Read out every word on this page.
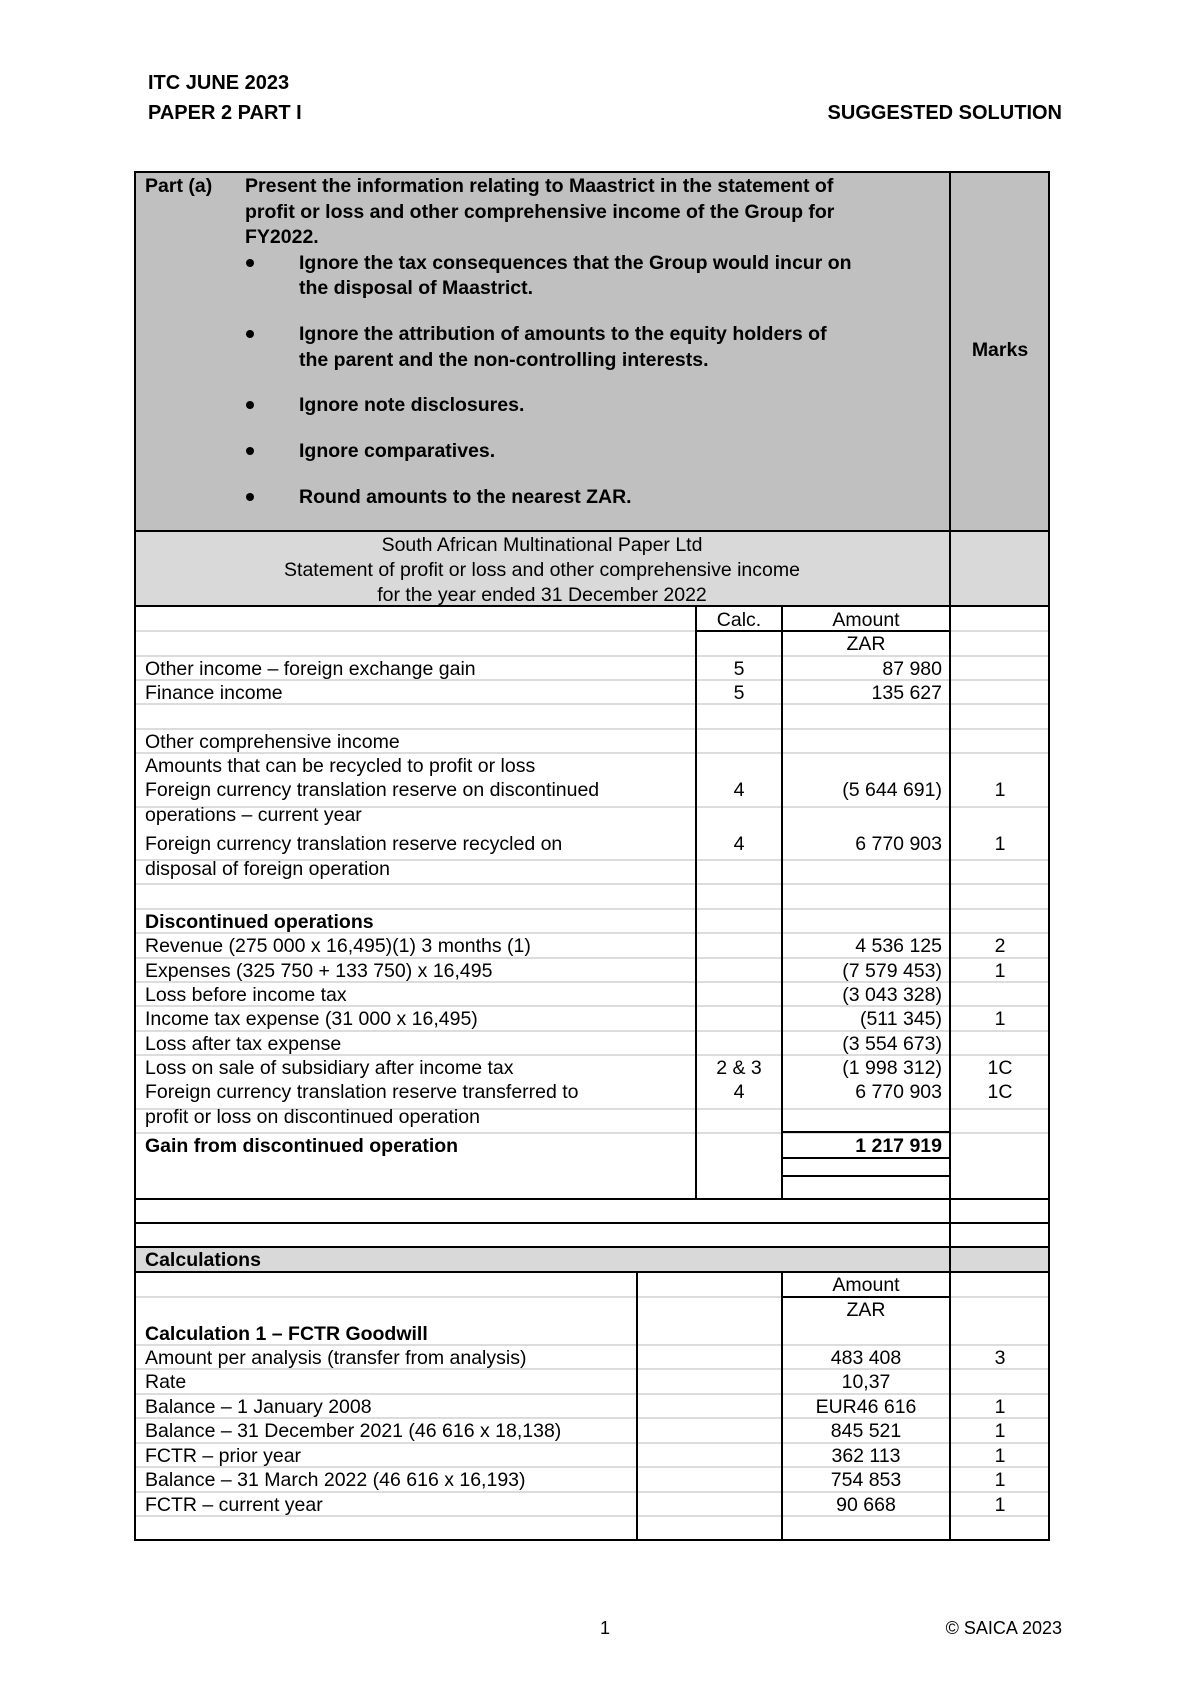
ITC JUNE 2023
PAPER 2 PART I	SUGGESTED SOLUTION
Part (a) Present the information relating to Maastrict in the statement of
profit or loss and other comprehensive income of the Group for
FY2022.
Ignore the tax consequences that the Group would incur on
the disposal of Maastrict.
Ignore the attribution of amounts to the equity holders of
the parent and the non-controlling interests.
Ignore note disclosures.
Ignore comparatives.
Round amounts to the nearest ZAR.
Marks
South African Multinational Paper Ltd
Statement of profit or loss and other comprehensive income
for the year ended 31 December 2022
Calc.	Amount
ZAR
Other income – foreign exchange gain	5	87 980
Finance income	5	135 627
Other comprehensive income
Amounts that can be recycled to profit or loss
Foreign currency translation reserve on discontinued
operations – current year
4	(5 644 691)	1
Foreign currency translation reserve recycled on
disposal of foreign operation
4	6 770 903	1
Discontinued operations
Revenue (275 000 x 16,495)(1) 3 months (1)	4 536 125	2
Expenses (325 750 + 133 750) x 16,495	(7 579 453)	1
Loss before income tax	(3 043 328)
Income tax expense (31 000 x 16,495)	(511 345)	1
Loss after tax expense	(3 554 673)
Loss on sale of subsidiary after income tax	2 & 3	(1 998 312)	1C
Foreign currency translation reserve transferred to
profit or loss on discontinued operation
4	6 770 903	1C
Gain from discontinued operation	1 217 919
Calculations
Amount
ZAR
Calculation 1 – FCTR Goodwill
Amount per analysis (transfer from analysis)	483 408	3
Rate	10,37
Balance – 1 January 2008	EUR46 616	1
Balance – 31 December 2021 (46 616 x 18,138)	845 521	1
FCTR – prior year	362 113	1
Balance – 31 March 2022 (46 616 x 16,193)	754 853	1
FCTR – current year	90 668	1
1	© SAICA 2023
